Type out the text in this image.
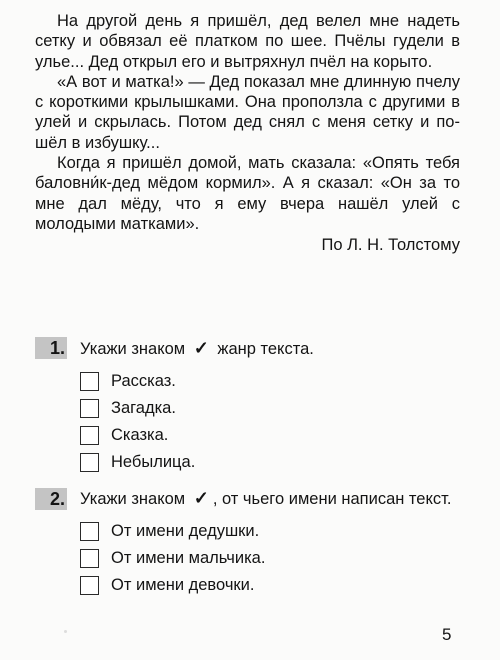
На другой день я пришёл, дед велел мне надеть сетку и обвязал её платком по шее. Пчёлы гудели в улье... Дед открыл его и вытряхнул пчёл на корыто.

«А вот и матка!» — Дед показал мне длинную пчелу с короткими крылышками. Она проползла с другими в улей и скрылась. Потом дед снял с меня сетку и пошёл в избушку...

Когда я пришёл домой, мать сказала: «Опять тебя баловни́к-дед мёдом кормил». А я сказал: «Он за то мне дал мёду, что я ему вчера нашёл улей с молодыми матками».

По Л. Н. Толстому
1. Укажи знаком ✓ жанр текста.
Рассказ.
Загадка.
Сказка.
Небылица.
2. Укажи знаком ✓ , от чьего имени написан текст.
От имени дедушки.
От имени мальчика.
От имени девочки.
5
